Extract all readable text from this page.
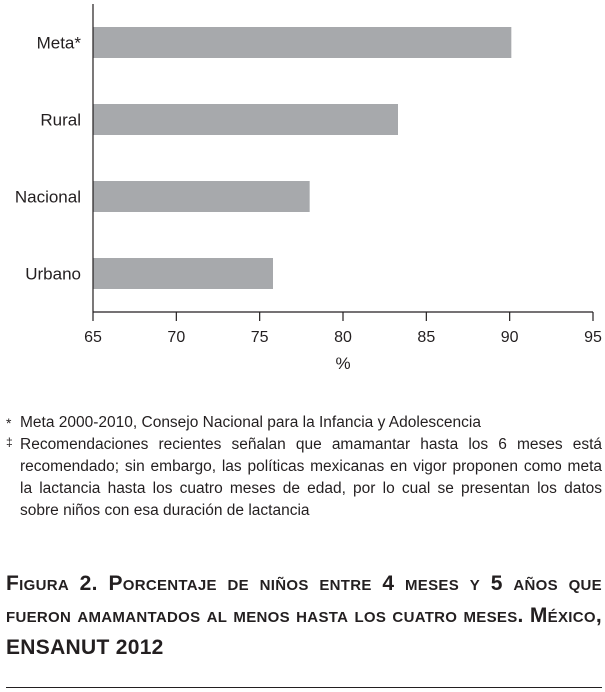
Meta*
Rural
Nacional
Urbano
65	70	75	80	85	90	95
%
* Meta 2000-2010, Consejo Nacional para la Infancia y Adolescencia
‡ Recomendaciones recientes señalan que amamantar hasta los 6 meses está recomendado; sin embargo, las políticas mexicanas en vigor proponen como meta la lactancia hasta los cuatro meses de edad, por lo cual se presentan los datos sobre niños con esa duración de lactancia
Figura 2. Porcentaje de niños entre 4 meses y 5 años que fueron amamantados al menos hasta los cuatro meses. México, ENSANUT 2012
